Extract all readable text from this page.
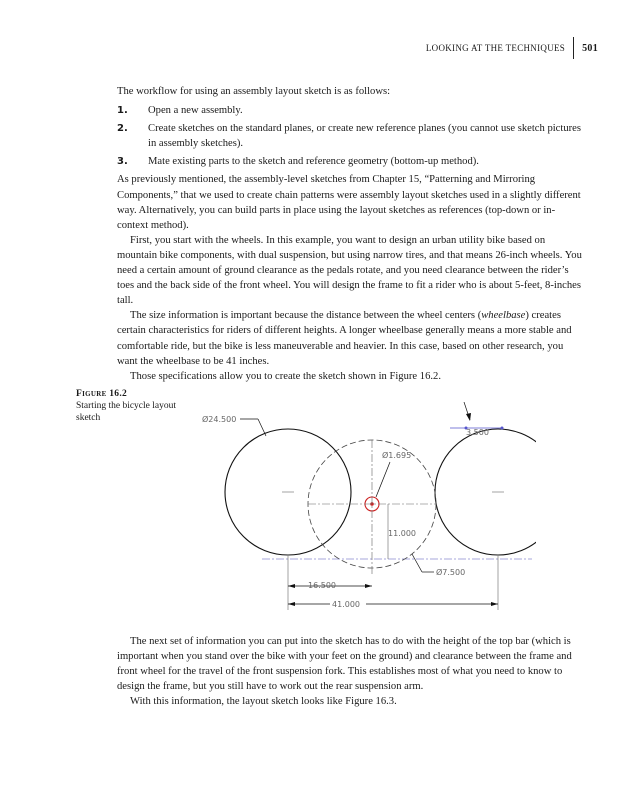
LOOKING AT THE TECHNIQUES 501

The workflow for using an assembly layout sketch is as follows:

1.	Open a new assembly.
2.	Create sketches on the standard planes, or create new reference planes (you cannot use sketch pictures in assembly sketches).
3.	Mate existing parts to the sketch and reference geometry (bottom-up method).

As previously mentioned, the assembly-level sketches from Chapter 15, “Patterning and Mirroring Components,” that we used to create chain patterns were assembly layout sketches used in a slightly different way. Alternatively, you can build parts in place using the layout sketches as references (top-down or in-context method).

First, you start with the wheels. In this example, you want to design an urban utility bike based on mountain bike components, with dual suspension, but using narrow tires, and that means 26-inch wheels. You need a certain amount of ground clearance as the pedals rotate, and you need clearance between the rider’s toes and the back side of the front wheel. You will design the frame to fit a rider who is about 5-feet, 8-inches tall.

The size information is important because the distance between the wheel centers (wheelbase) creates certain characteristics for riders of different heights. A longer wheelbase generally means a more stable and comfortable ride, but the bike is less maneuverable and heavier. In this case, based on other research, you want the wheelbase to be 41 inches.

Those specifications allow you to create the sketch shown in Figure 16.2.

Figure 16.2
Starting the bicycle layout sketch	Ø24.500
3.500
Ø1.695
11.000
Ø7.500
16.500
41.000

The next set of information you can put into the sketch has to do with the height of the top bar (which is important when you stand over the bike with your feet on the ground) and clearance between the frame and front wheel for the travel of the front suspension fork. This establishes most of what you need to know to design the frame, but you still have to work out the rear suspension arm.

With this information, the layout sketch looks like Figure 16.3.
